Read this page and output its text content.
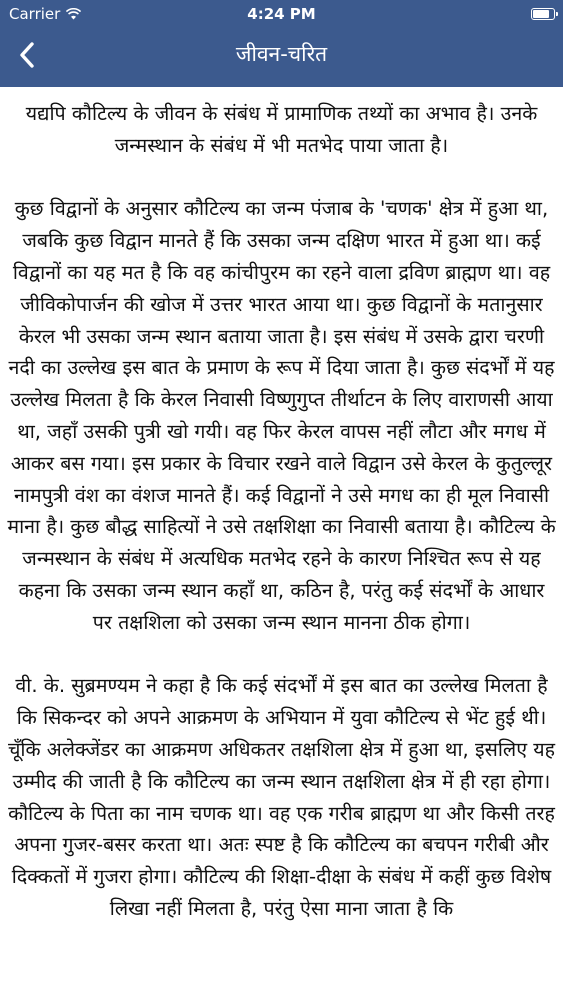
Carrier	4:24 PM
जीवन-चरित

यद्यपि कौटिल्य के जीवन के संबंध में प्रामाणिक तथ्यों का अभाव है। उनके जन्मस्थान के संबंध में भी मतभेद पाया जाता है।

कुछ विद्वानों के अनुसार कौटिल्य का जन्म पंजाब के 'चणक' क्षेत्र में हुआ था, जबकि कुछ विद्वान मानते हैं कि उसका जन्म दक्षिण भारत में हुआ था। कई विद्वानों का यह मत है कि वह कांचीपुरम का रहने वाला द्रविण ब्राह्मण था। वह जीविकोपार्जन की खोज में उत्तर भारत आया था। कुछ विद्वानों के मतानुसार केरल भी उसका जन्म स्थान बताया जाता है। इस संबंध में उसके द्वारा चरणी नदी का उल्लेख इस बात के प्रमाण के रूप में दिया जाता है। कुछ संदर्भों में यह उल्लेख मिलता है कि केरल निवासी विष्णुगुप्त तीर्थाटन के लिए वाराणसी आया था, जहाँ उसकी पुत्री खो गयी। वह फिर केरल वापस नहीं लौटा और मगध में आकर बस गया। इस प्रकार के विचार रखने वाले विद्वान उसे केरल के कुतुल्लूर नामपुत्री वंश का वंशज मानते हैं। कई विद्वानों ने उसे मगध का ही मूल निवासी माना है। कुछ बौद्ध साहित्यों ने उसे तक्षशिक्षा का निवासी बताया है। कौटिल्य के जन्मस्थान के संबंध में अत्यधिक मतभेद रहने के कारण निश्चित रूप से यह कहना कि उसका जन्म स्थान कहाँ था, कठिन है, परंतु कई संदर्भों के आधार पर तक्षशिला को उसका जन्म स्थान मानना ठीक होगा।

वी. के. सुब्रमण्यम ने कहा है कि कई संदर्भों में इस बात का उल्लेख मिलता है कि सिकन्दर को अपने आक्रमण के अभियान में युवा कौटिल्य से भेंट हुई थी। चूँकि अलेक्जेंडर का आक्रमण अधिकतर तक्षशिला क्षेत्र में हुआ था, इसलिए यह उम्मीद की जाती है कि कौटिल्य का जन्म स्थान तक्षशिला क्षेत्र में ही रहा होगा। कौटिल्य के पिता का नाम चणक था। वह एक गरीब ब्राह्मण था और किसी तरह अपना गुजर-बसर करता था। अतः स्पष्ट है कि कौटिल्य का बचपन गरीबी और दिक्कतों में गुजरा होगा। कौटिल्य की शिक्षा-दीक्षा के संबंध में कहीं कुछ विशेष लिखा नहीं मिलता है, परंतु ऐसा माना जाता है कि
